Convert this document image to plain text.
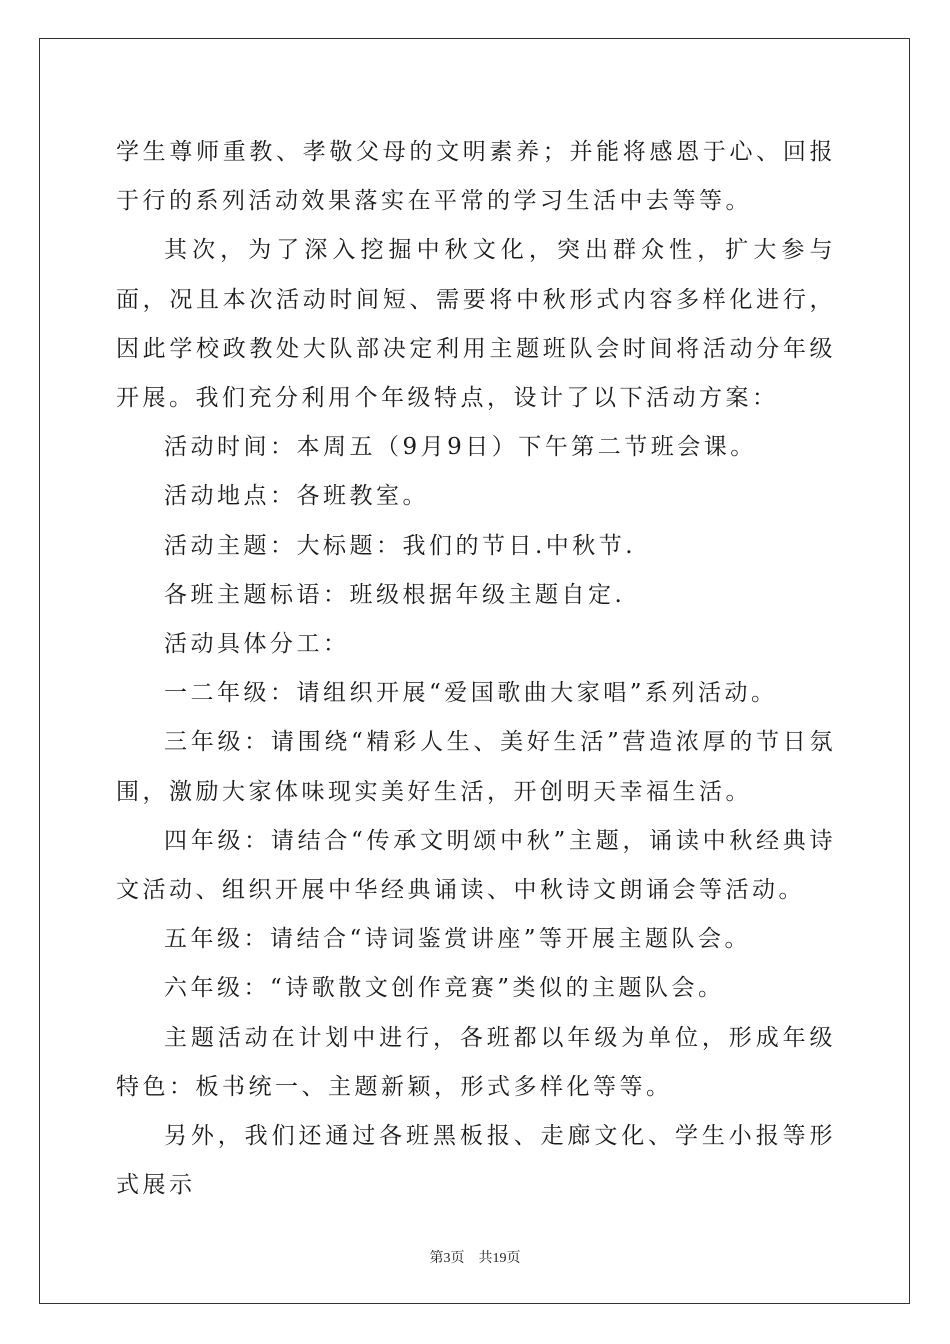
学生尊师重教、孝敬父母的文明素养；并能将感恩于心、回报于行的系列活动效果落实在平常的学习生活中去等等。

其次，为了深入挖掘中秋文化，突出群众性，扩大参与面，况且本次活动时间短、需要将中秋形式内容多样化进行，因此学校政教处大队部决定利用主题班队会时间将活动分年级开展。我们充分利用个年级特点，设计了以下活动方案：

活动时间：本周五（9月9日）下午第二节班会课。

活动地点：各班教室。

活动主题：大标题：我们的节日.中秋节.

各班主题标语：班级根据年级主题自定.

活动具体分工：

一二年级：请组织开展“爱国歌曲大家唱”系列活动。

三年级：请围绕“精彩人生、美好生活”营造浓厚的节日氛围，激励大家体味现实美好生活，开创明天幸福生活。

四年级：请结合“传承文明颂中秋”主题，诵读中秋经典诗文活动、组织开展中华经典诵读、中秋诗文朗诵会等活动。

五年级：请结合“诗词鉴赏讲座”等开展主题队会。

六年级：“诗歌散文创作竞赛”类似的主题队会。

主题活动在计划中进行，各班都以年级为单位，形成年级特色：板书统一、主题新颖，形式多样化等等。

另外，我们还通过各班黑板报、走廊文化、学生小报等形式展示

第3页 共19页
